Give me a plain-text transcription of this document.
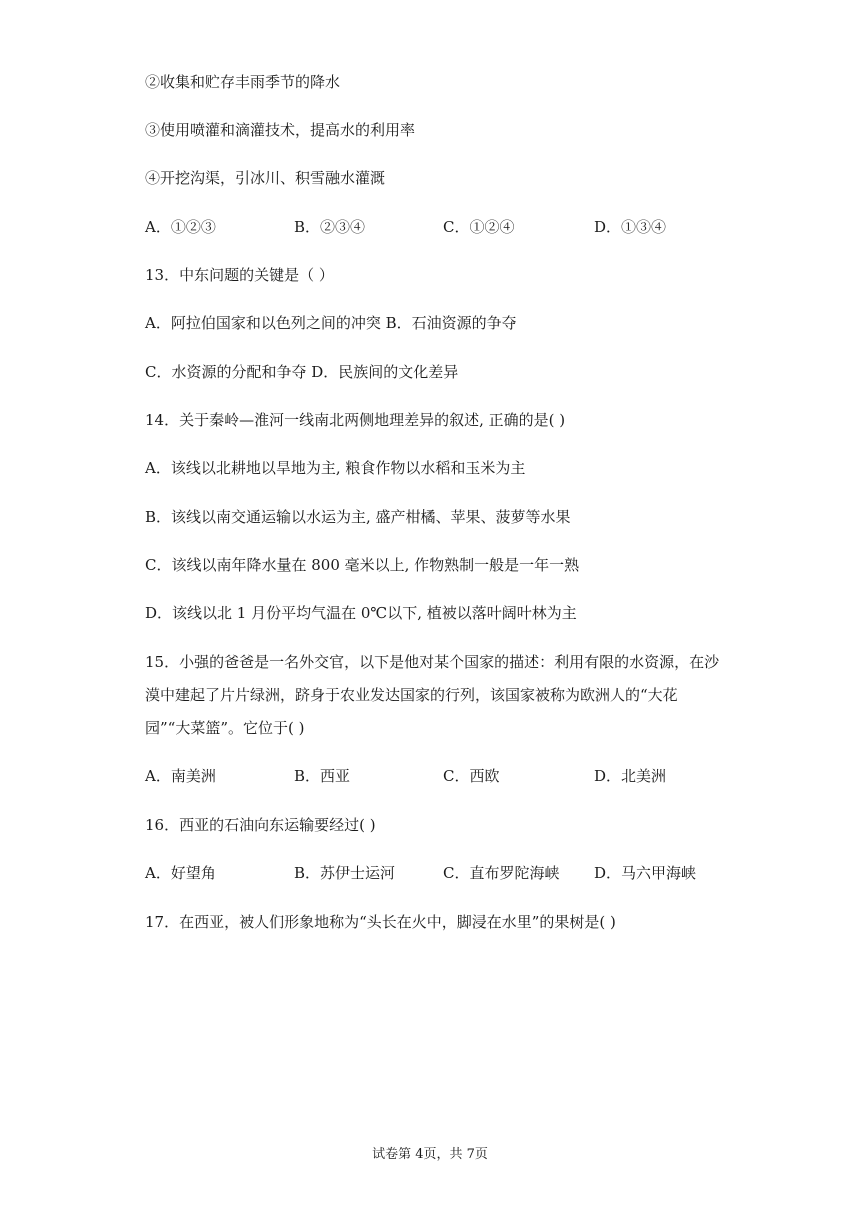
②收集和贮存丰雨季节的降水
③使用喷灌和滴灌技术，提高水的利用率
④开挖沟渠，引冰川、积雪融水灌溉
A．①②③	B．②③④	C．①②④	D．①③④
13．中东问题的关键是（ ）
A．阿拉伯国家和以色列之间的冲突 B．石油资源的争夺
C．水资源的分配和争夺 D．民族间的文化差异
14．关于秦岭—淮河一线南北两侧地理差异的叙述, 正确的是( )
A．该线以北耕地以旱地为主, 粮食作物以水稻和玉米为主
B．该线以南交通运输以水运为主, 盛产柑橘、苹果、菠萝等水果
C．该线以南年降水量在 800 毫米以上, 作物熟制一般是一年一熟
D．该线以北 1 月份平均气温在 0℃以下, 植被以落叶阔叶林为主
15．小强的爸爸是一名外交官，以下是他对某个国家的描述：利用有限的水资源，在沙
漠中建起了片片绿洲，跻身于农业发达国家的行列，该国家被称为欧洲人的“大花
园”“大菜篮”。它位于( )
A．南美洲	B．西亚	C．西欧	D．北美洲
16．西亚的石油向东运输要经过( )
A．好望角	B．苏伊士运河	C．直布罗陀海峡 D．马六甲海峡
17．在西亚，被人们形象地称为“头长在火中，脚浸在水里”的果树是( )
试卷第 4页，共 7页
